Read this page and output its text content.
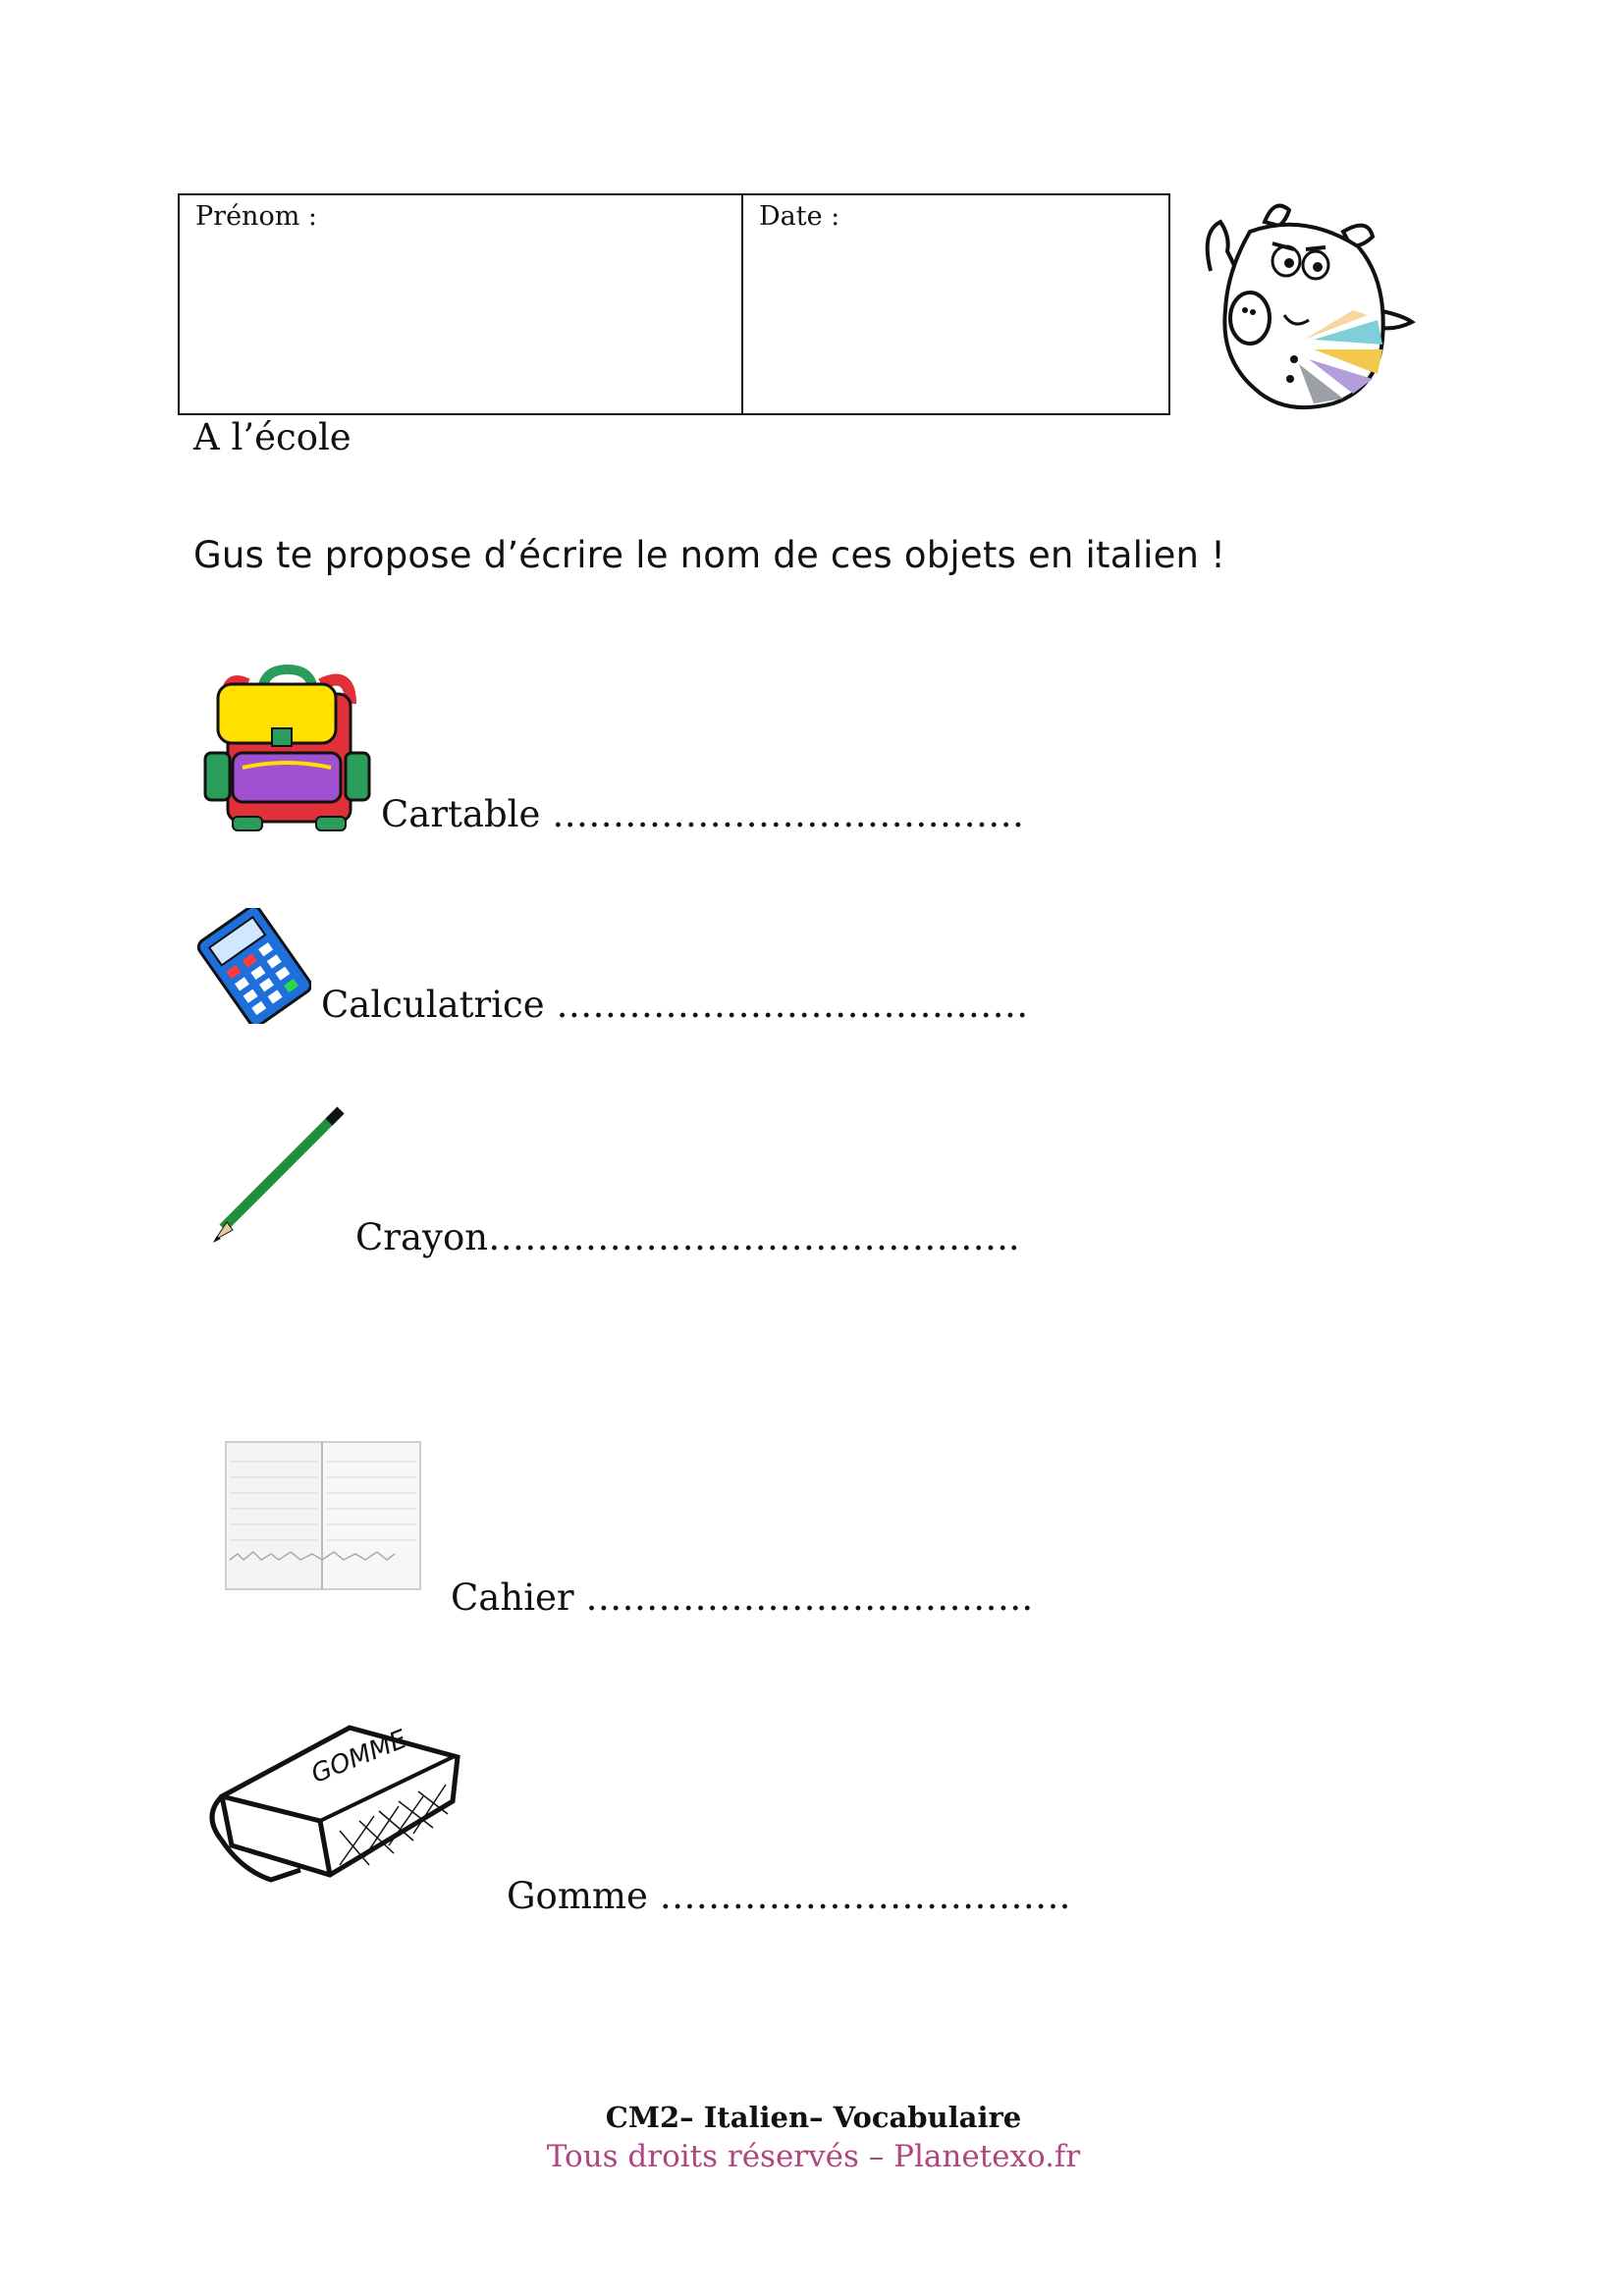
Prénom :	Date :
A l’école
Gus te propose d’écrire le nom de ces objets en italien !
Cartable …………………………………
Calculatrice …………………………………
Crayon……………………………………..
Cahier ……………………………….
GOMME
Gomme …………………………….
CM2– Italien– Vocabulaire
Tous droits réservés – Planetexo.fr
